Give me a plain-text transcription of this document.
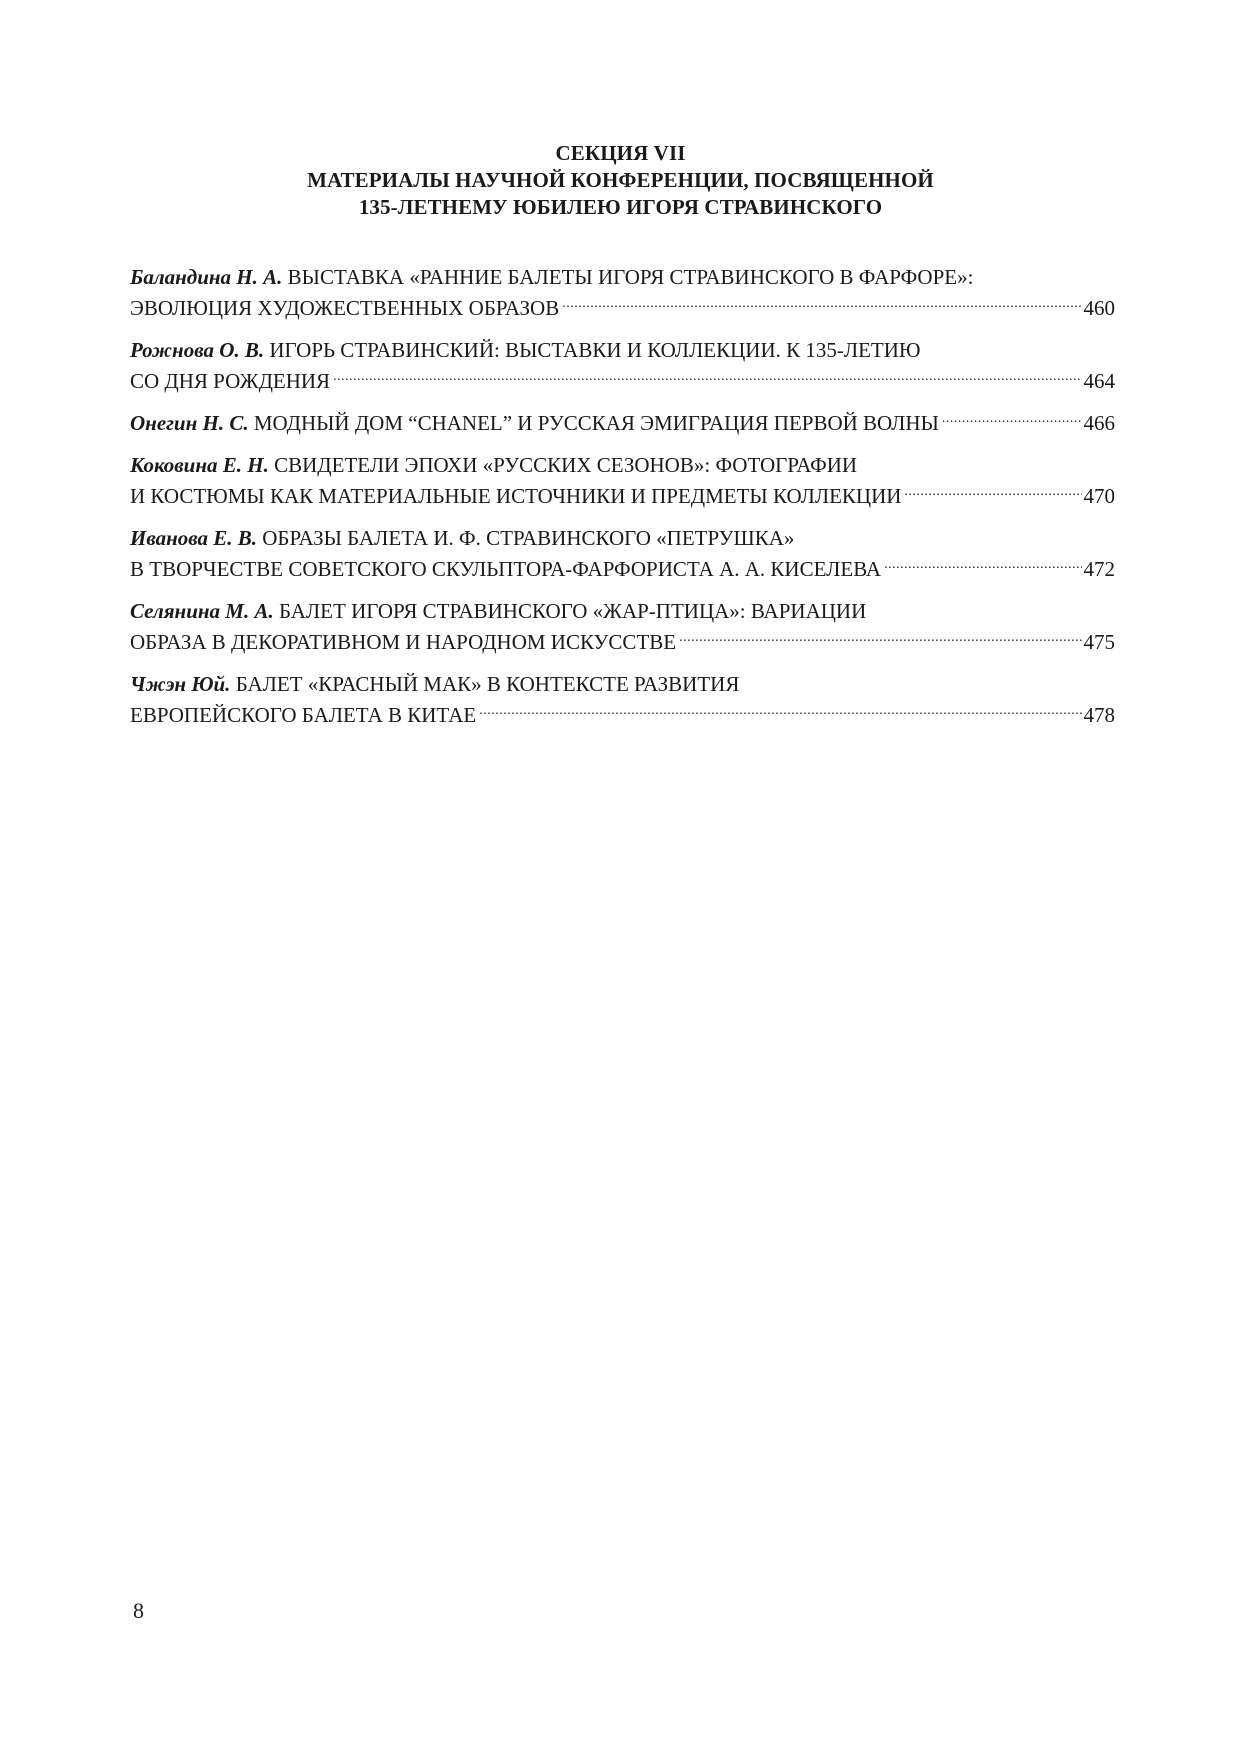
СЕКЦИЯ VII
МАТЕРИАЛЫ НАУЧНОЙ КОНФЕРЕНЦИИ, ПОСВЯЩЕННОЙ
135-ЛЕТНЕМУ ЮБИЛЕЮ ИГОРЯ СТРАВИНСКОГО
Баландина Н. А. ВЫСТАВКА «РАННИЕ БАЛЕТЫ ИГОРЯ СТРАВИНСКОГО В ФАРФОРЕ»:
ЭВОЛЮЦИЯ ХУДОЖЕСТВЕННЫХ ОБРАЗОВ .....	460
Рожнова О. В. ИГОРЬ СТРАВИНСКИЙ: ВЫСТАВКИ И КОЛЛЕКЦИИ. К 135-ЛЕТИЮ
СО ДНЯ РОЖДЕНИЯ .....	464
Онегин Н. С. МОДНЫЙ ДОМ “CHANEL” И РУССКАЯ ЭМИГРАЦИЯ ПЕРВОЙ ВОЛНЫ .....	466
Коковина Е. Н. СВИДЕТЕЛИ ЭПОХИ «РУССКИХ СЕЗОНОВ»: ФОТОГРАФИИ
И КОСТЮМЫ КАК МАТЕРИАЛЬНЫЕ ИСТОЧНИКИ И ПРЕДМЕТЫ КОЛЛЕКЦИИ .....	470
Иванова Е. В. ОБРАЗЫ БАЛЕТА И. Ф. СТРАВИНСКОГО «ПЕТРУШКА»
В ТВОРЧЕСТВЕ СОВЕТСКОГО СКУЛЬПТОРА-ФАРФОРИСТА А. А. КИСЕЛЕВА .....	472
Селянина М. А. БАЛЕТ ИГОРЯ СТРАВИНСКОГО «ЖАР-ПТИЦА»: ВАРИАЦИИ
ОБРАЗА В ДЕКОРАТИВНОМ И НАРОДНОМ ИСКУССТВЕ .....	475
Чжэн Юй. БАЛЕТ «КРАСНЫЙ МАК» В КОНТЕКСТЕ РАЗВИТИЯ
ЕВРОПЕЙСКОГО БАЛЕТА В КИТАЕ .....	478
8
